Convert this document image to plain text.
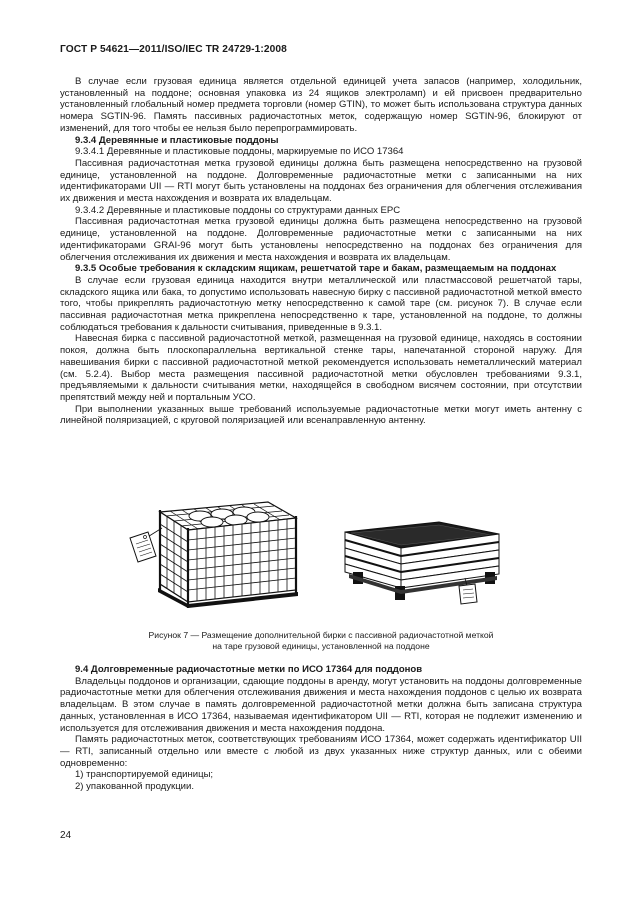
ГОСТ Р 54621—2011/ISO/IEC TR 24729-1:2008

В случае если грузовая единица является отдельной единицей учета запасов (например, холодильник, установленный на поддоне; основная упаковка из 24 ящиков электроламп) и ей присвоен предварительно установленный глобальный номер предмета торговли (номер GTIN), то может быть использована структура данных номера SGTIN-96. Память пассивных радиочастотных меток, содержащую номер SGTIN-96, блокируют от изменений, для того чтобы ее нельзя было перепрограммировать.

9.3.4 Деревянные и пластиковые поддоны

9.3.4.1 Деревянные и пластиковые поддоны, маркируемые по ИСО 17364

Пассивная радиочастотная метка грузовой единицы должна быть размещена непосредственно на грузовой единице, установленной на поддоне. Долговременные радиочастотные метки с записанными на них идентификаторами UII — RTI могут быть установлены на поддонах без ограничения для облегчения отслеживания их движения и места нахождения и возврата их владельцам.

9.3.4.2 Деревянные и пластиковые поддоны со структурами данных EPC

Пассивная радиочастотная метка грузовой единицы должна быть размещена непосредственно на грузовой единице, установленной на поддоне. Долговременные радиочастотные метки с записанными на них идентификаторами GRAI-96 могут быть установлены непосредственно на поддонах без ограничения для облегчения отслеживания их движения и места нахождения и возврата их владельцам.

9.3.5 Особые требования к складским ящикам, решетчатой таре и бакам, размещаемым на поддонах

В случае если грузовая единица находится внутри металлической или пластмассовой решетчатой тары, складского ящика или бака, то допустимо использовать навесную бирку с пассивной радиочастотной меткой вместо того, чтобы прикреплять радиочастотную метку непосредственно к самой таре (см. рисунок 7). В случае если пассивная радиочастотная метка прикреплена непосредственно к таре, установленной на поддоне, то должны соблюдаться требования к дальности считывания, приведенные в 9.3.1.

Навесная бирка с пассивной радиочастотной меткой, размещенная на грузовой единице, находясь в состоянии покоя, должна быть плоскопараллельна вертикальной стенке тары, напечатанной стороной наружу. Для навешивания бирки с пассивной радиочастотной меткой рекомендуется использовать неметаллический материал (см. 5.2.4). Выбор места размещения пассивной радиочастотной метки обусловлен требованиями 9.3.1, предъявляемыми к дальности считывания метки, находящейся в свободном висячем состоянии, при отсутствии препятствий между ней и портальным УСО.

При выполнении указанных выше требований используемые радиочастотные метки могут иметь антенну с линейной поляризацией, с круговой поляризацией или всенаправленную антенну.

Рисунок 7 — Размещение дополнительной бирки с пассивной радиочастотной меткой
на таре грузовой единицы, установленной на поддоне

9.4 Долговременные радиочастотные метки по ИСО 17364 для поддонов

Владельцы поддонов и организации, сдающие поддоны в аренду, могут установить на поддоны долговременные радиочастотные метки для облегчения отслеживания движения и места нахождения поддонов с целью их возврата владельцам. В этом случае в память долговременной радиочастотной метки должна быть записана структура данных, установленная в ИСО 17364, называемая идентификатором UII — RTI, которая не подлежит изменению и используется для отслеживания движения и места нахождения поддона.

Память радиочастотных меток, соответствующих требованиям ИСО 17364, может содержать идентификатор UII — RTI, записанный отдельно или вместе с любой из двух указанных ниже структур данных, или с обеими одновременно:

1) транспортируемой единицы;

2) упакованной продукции.

24
